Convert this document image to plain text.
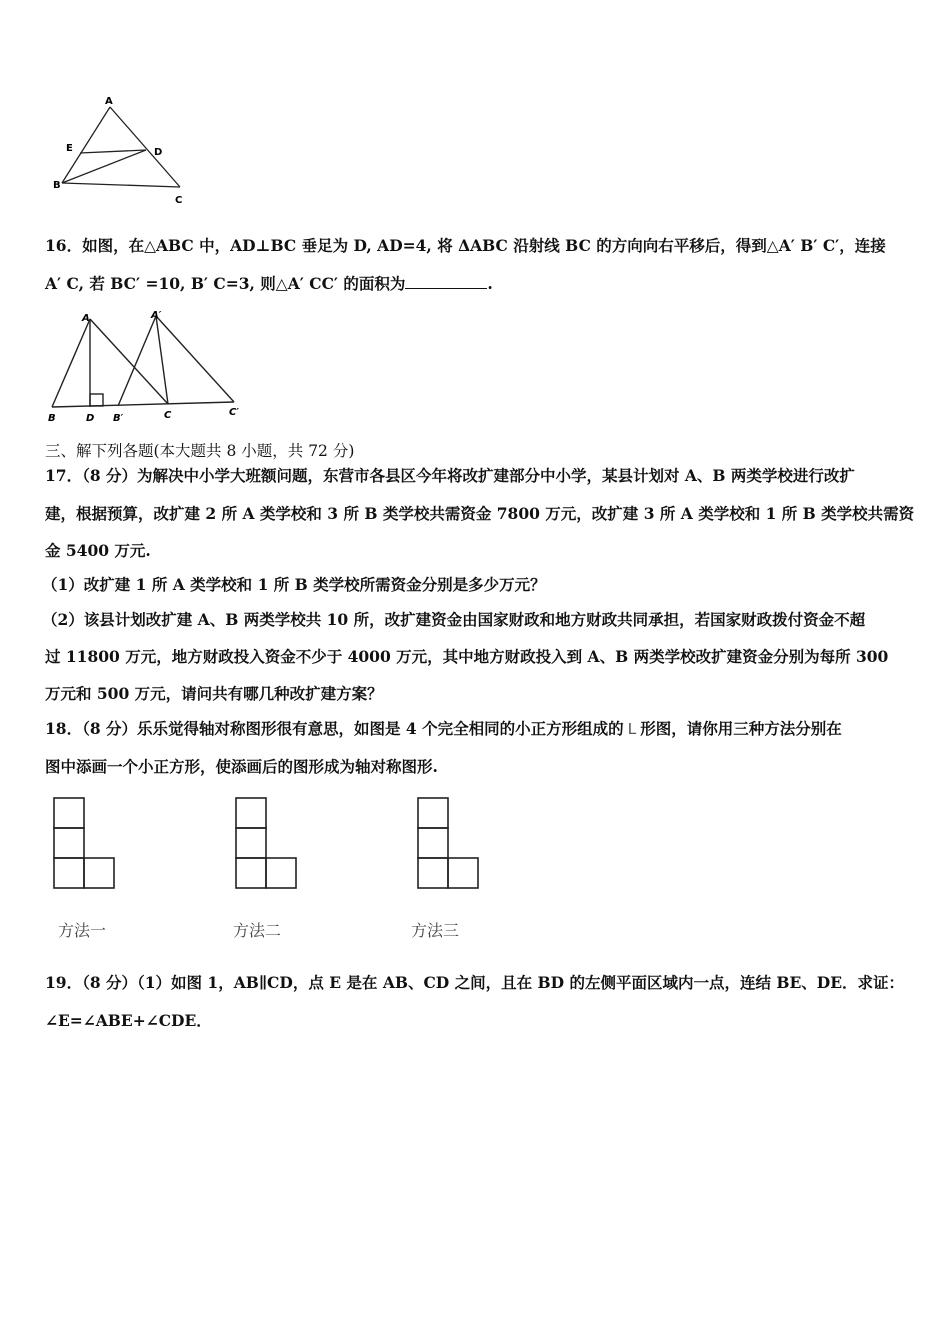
A
E	D
B
C
16．如图，在△ABC 中，AD⊥BC 垂足为 D, AD=4, 将 ΔABC 沿射线 BC 的方向向右平移后，得到△A′ B′ C′，连接
A′ C, 若 BC′ =10, B′ C=3, 则△A′ CC′ 的面积为	.
A	A′
B	D B′	C	C′
三、解下列各题(本大题共 8 小题，共 72 分)
17．（8 分）为解决中小学大班额问题，东营市各县区今年将改扩建部分中小学，某县计划对 A、B 两类学校进行改扩
建，根据预算，改扩建 2 所 A 类学校和 3 所 B 类学校共需资金 7800 万元，改扩建 3 所 A 类学校和 1 所 B 类学校共需资
金 5400 万元.
（1）改扩建 1 所 A 类学校和 1 所 B 类学校所需资金分别是多少万元？
（2）该县计划改扩建 A、B 两类学校共 10 所，改扩建资金由国家财政和地方财政共同承担，若国家财政拨付资金不超
过 11800 万元，地方财政投入资金不少于 4000 万元，其中地方财政投入到 A、B 两类学校改扩建资金分别为每所 300
万元和 500 万元，请问共有哪几种改扩建方案？
18．（8 分）乐乐觉得轴对称图形很有意思，如图是 4 个完全相同的小正方形组成的 L 形图，请你用三种方法分别在
图中添画一个小正方形，使添画后的图形成为轴对称图形.
方法一	方法二	方法三
19．（8 分）（1）如图 1，AB∥CD，点 E 是在 AB、CD 之间，且在 BD 的左侧平面区域内一点，连结 BE、DE．求证：
∠E=∠ABE+∠CDE．
